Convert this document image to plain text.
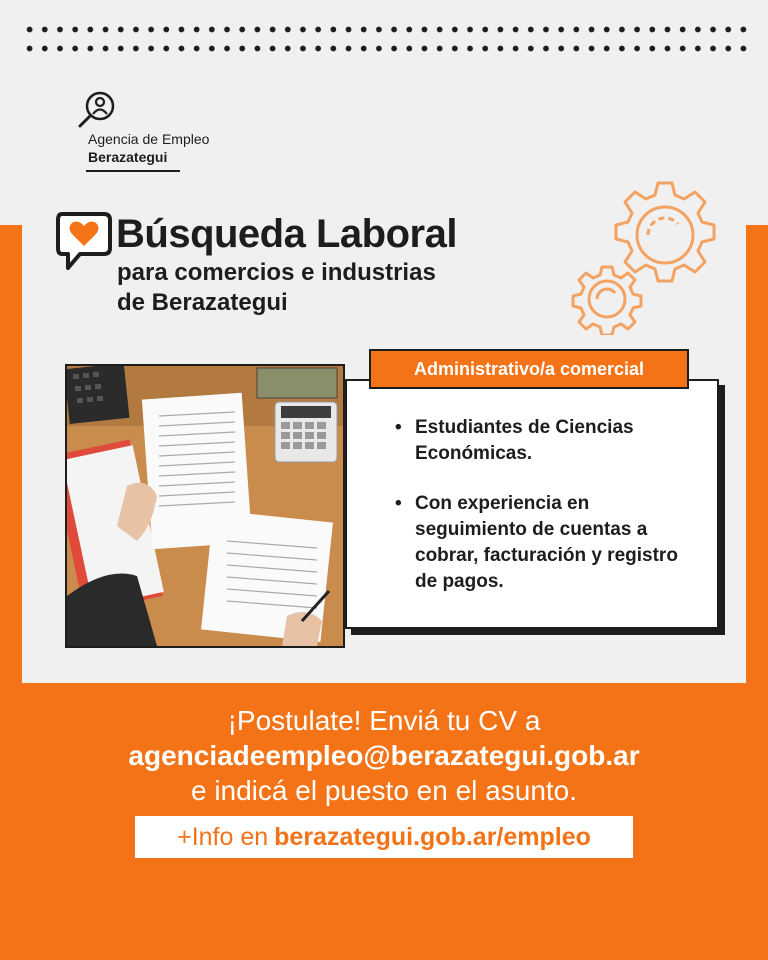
Agencia de Empleo
Berazategui
Búsqueda Laboral
para comercios e industrias
de Berazategui
Administrativo/a comercial
• Estudiantes de Ciencias Económicas.
• Con experiencia en seguimiento de cuentas a cobrar, facturación y registro de pagos.
¡Postulate! Enviá tu CV a
agenciadeempleo@berazategui.gob.ar
e indicá el puesto en el asunto.
+Info en berazategui.gob.ar/empleo
